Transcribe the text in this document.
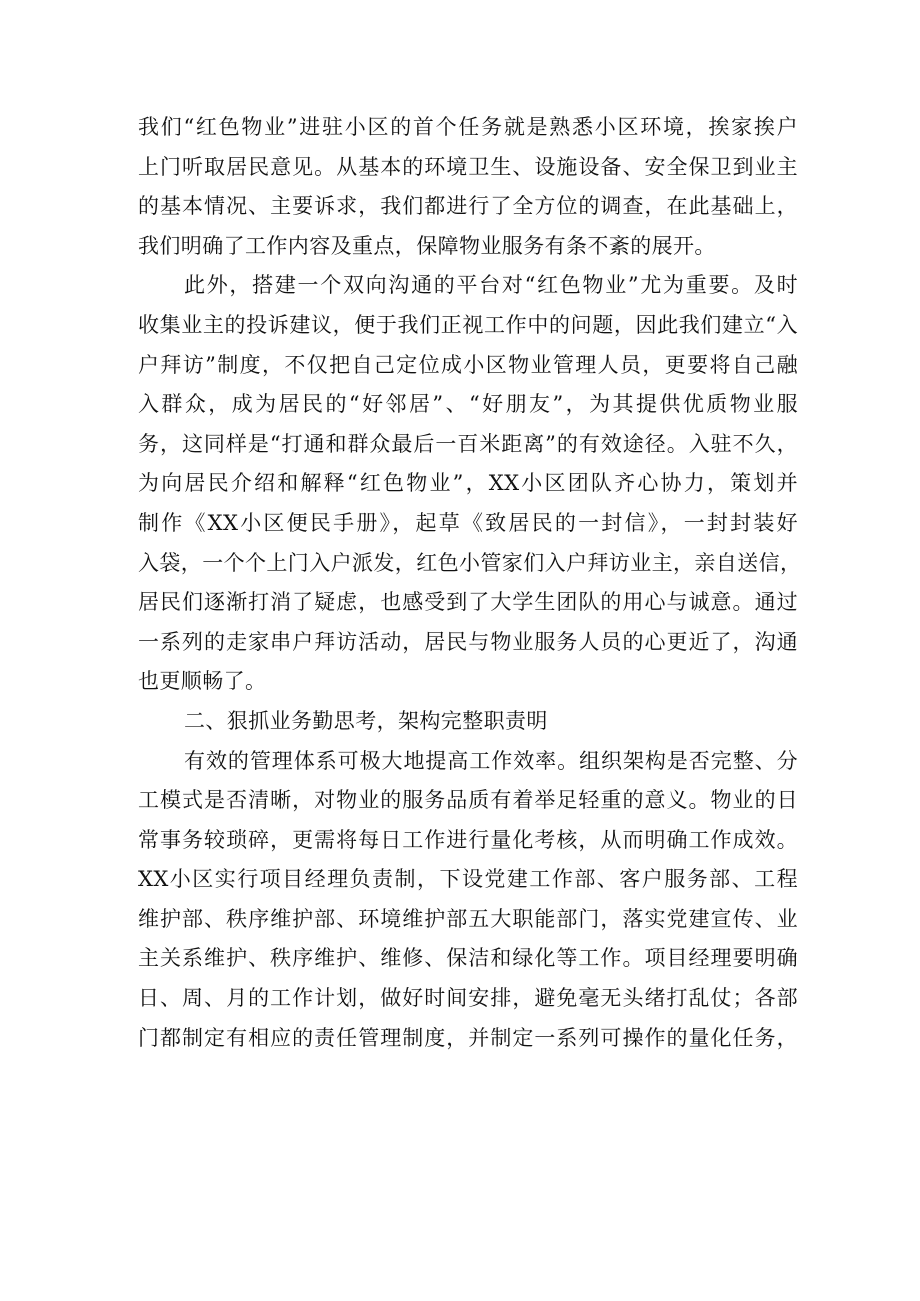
我们“红色物业”进驻小区的首个任务就是熟悉小区环境，挨家挨户
上门听取居民意见。从基本的环境卫生、设施设备、安全保卫到业主
的基本情况、主要诉求，我们都进行了全方位的调查，在此基础上，
我们明确了工作内容及重点，保障物业服务有条不紊的展开。
此外，搭建一个双向沟通的平台对“红色物业”尤为重要。及时
收集业主的投诉建议，便于我们正视工作中的问题，因此我们建立“入
户拜访”制度，不仅把自己定位成小区物业管理人员，更要将自己融
入群众，成为居民的“好邻居”、“好朋友”，为其提供优质物业服
务，这同样是“打通和群众最后一百米距离”的有效途径。入驻不久，
为向居民介绍和解释“红色物业”，XX小区团队齐心协力，策划并
制作《XX小区便民手册》，起草《致居民的一封信》，一封封装好
入袋，一个个上门入户派发，红色小管家们入户拜访业主，亲自送信，
居民们逐渐打消了疑虑，也感受到了大学生团队的用心与诚意。通过
一系列的走家串户拜访活动，居民与物业服务人员的心更近了，沟通
也更顺畅了。
二、狠抓业务勤思考，架构完整职责明
有效的管理体系可极大地提高工作效率。组织架构是否完整、分
工模式是否清晰，对物业的服务品质有着举足轻重的意义。物业的日
常事务较琐碎，更需将每日工作进行量化考核，从而明确工作成效。
XX小区实行项目经理负责制，下设党建工作部、客户服务部、工程
维护部、秩序维护部、环境维护部五大职能部门，落实党建宣传、业
主关系维护、秩序维护、维修、保洁和绿化等工作。项目经理要明确
日、周、月的工作计划，做好时间安排，避免毫无头绪打乱仗；各部
门都制定有相应的责任管理制度，并制定一系列可操作的量化任务，
